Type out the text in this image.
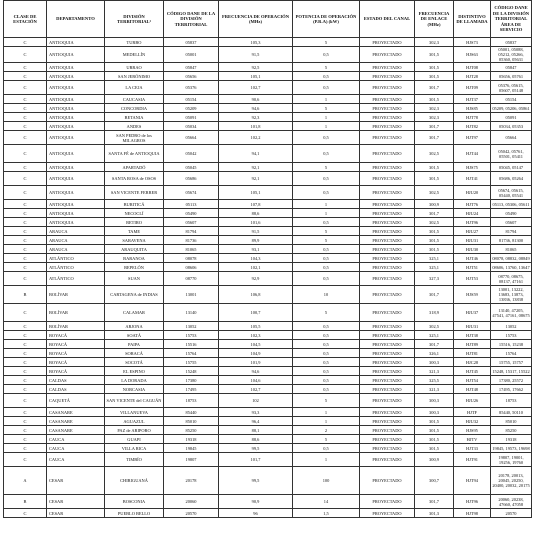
CLASE DE ESTACIÓN	DEPARTAMENTO	DIVISIÓN TERRITORIAL²	CÓDIGO DANE DE LA DIVISIÓN TERRITORIAL	FRECUENCIA DE OPERACIÓN (MHz)	POTENCIA DE OPERACIÓN (P.R.A) (kW)	ESTADO DEL CANAL	FRECUENCIA DE ENLACE (MHz)	DISTINTIVO DE LLAMADA	CÓDIGO DANE DE LA DIVISIÓN TERRITORIAL ÁREA DE SERVICIO
C	ANTIOQUIA	TURBO	05837	105,3	5	PROYECTADO	302,3	HJS73	05837
C	ANTIOQUIA	MEDELLÍN	05001	91,5	0,5	PROYECTADO	301,5	HJS63	05001, 05088, 05212, 05266, 05360, 05631
C	ANTIOQUIA	URRAO	05847	92,5	5	PROYECTADO	301,5	HJT08	05847
C	ANTIOQUIA	SAN JERÓNIMO	05656	105,1	0,5	PROYECTADO	301,5	HJT28	05656, 05761
C	ANTIOQUIA	LA CEJA	05376	102,7	0,5	PROYECTADO	301,7	HJT09	05376, 05615, 05607, 05148
C	ANTIOQUIA	CAUCASIA	05154	90,6	1	PROYECTADO	301,5	HJT37	05154
C	ANTIOQUIA	CONCORDIA	05209	94,6	5	PROYECTADO	302,3	HJS85	05209, 05206, 05861
C	ANTIOQUIA	BETANIA	05091	92,3	1	PROYECTADO	302,3	HJT78	05091
C	ANTIOQUIA	ANDES	05034	101,8	1	PROYECTADO	301,7	HJT82	05034, 05353
C	ANTIOQUIA	SAN PEDRO de los MILAGROS	05664	102,2	0,5	PROYECTADO	301,7	HJT97	05664
C	ANTIOQUIA	SANTA FÉ de ANTIOQUIA	05042	94,1	0,5	PROYECTADO	302,5	HJT44	05042, 05761, 05501, 05411
C	ANTIOQUIA	APARTADÓ	05045	92,1	5	PROYECTADO	301,5	HJS75	05045, 05147
C	ANTIOQUIA	SANTA ROSA de OSOS	05686	92,1	0,5	PROYECTADO	301,5	HJT41	05686, 05264
C	ANTIOQUIA	SAN VICENTE FERRER	05674	105,1	0,5	PROYECTADO	302,5	HJU20	05674, 05615, 05440, 05541
C	ANTIOQUIA	BURITICÁ	05113	107,8	1	PROYECTADO	300,9	HJT76	05113, 05306, 05611
C	ANTIOQUIA	NECOCLÍ	05490	88,6	1	PROYECTADO	301,7	HJU24	05490
C	ANTIOQUIA	RETIRO	05607	101,6	0,5	PROYECTADO	302,5	HJT96	05607
C	ARAUCA	TAME	81794	91,5	5	PROYECTADO	301,5	HJU27	81794
C	ARAUCA	SARAVENA	81736	89,9	5	PROYECTADO	301,5	HJU31	81736, 81300
C	ARAUCA	ARAUQUITA	81065	93,1	0,5	PROYECTADO	301,5	HJU30	81065
C	ATLÁNTICO	BARANOA	08078	104,3	0,5	PROYECTADO	325,1	HJT46	08078, 08832, 08849
C	ATLÁNTICO	REPELÓN	08606	102,1	0,5	PROYECTADO	325,1	HJT51	08606, 13760, 13647
C	ATLÁNTICO	SUAN	08770	92,9	0,5	PROYECTADO	327,3	HJT53	08770, 08675, 08137, 47161
B	BOLÍVAR	CARTAGENA de INDIAS	13001	106,8	10	PROYECTADO	301,7	HJS59	13001, 13222, 13683, 13873, 13836, 13838
C	BOLÍVAR	CALAMAR	13140	100,7	5	PROYECTADO	318,9	HJU37	13140, 47205, 47541, 47161, 08675
C	BOLÍVAR	ARJONA	13052	105,5	0,5	PROYECTADO	302,5	HJU31	13052
C	BOYACÁ	SOATÁ	15753	102,3	0,5	PROYECTADO	325,1	HJT38	15753
C	BOYACÁ	PAIPA	15516	104,5	0,5	PROYECTADO	301,7	HJT89	15516, 15238
C	BOYACÁ	SORACÁ	15764	104,9	0,5	PROYECTADO	326,1	HJT81	15764
C	BOYACÁ	SOCOTÁ	15755	101,9	0,5	PROYECTADO	300,3	HJC28	15755, 15757
C	BOYACÁ	EL ESPINO	15248	94,6	0,5	PROYECTADO	321,3	HJT45	15248, 15317, 15522
C	CALDAS	LA DORADA	17380	104,6	0,5	PROYECTADO	325,5	HJT54	17380, 25572
C	CALDAS	NORCASIA	17495	102,7	0,5	PROYECTADO	321,3	HJT48	17495, 17662
C	CAQUETÁ	SAN VICENTE del CAGUÁN	18753	102	5	PROYECTADO	300,3	HJU26	18753
C	CASANARE	VILLANUEVA	85440	93,3	1	PROYECTADO	300,3	HJTF	85440, 50110
C	CASANARE	AGUAZUL	85010	96,4	1	PROYECTADO	301,5	HJU32	85010
C	CASANARE	PAZ de ARIPORO	85250	88,1	2	PROYECTADO	301,5	HJS95	85250
C	CAUCA	GUAPI	19318	88,6	5	PROYECTADO	301,5	HJTV	19318
C	CAUCA	VILLA RICA	19845	99,5	0,5	PROYECTADO	301,5	HJT33	19845, 19573, 19698
C	CAUCA	TIMBÍO	19807	101,7	1	PROYECTADO	300,9	HJT91	19807, 19001, 19256, 19760
A	CESAR	CHIRIGUANÁ	20178	99,5	100	PROYECTADO	300,7	HJT94	20178, 20013, 20045, 20250, 20400, 20032, 20175
B	CESAR	BOSCONIA	20060	90,9	14	PROYECTADO	301,7	HJT96	20060, 20238, 47660, 47058
C	CESAR	PUEBLO BELLO	20570	96	1,5	PROYECTADO	301,3	HJT98	20570
